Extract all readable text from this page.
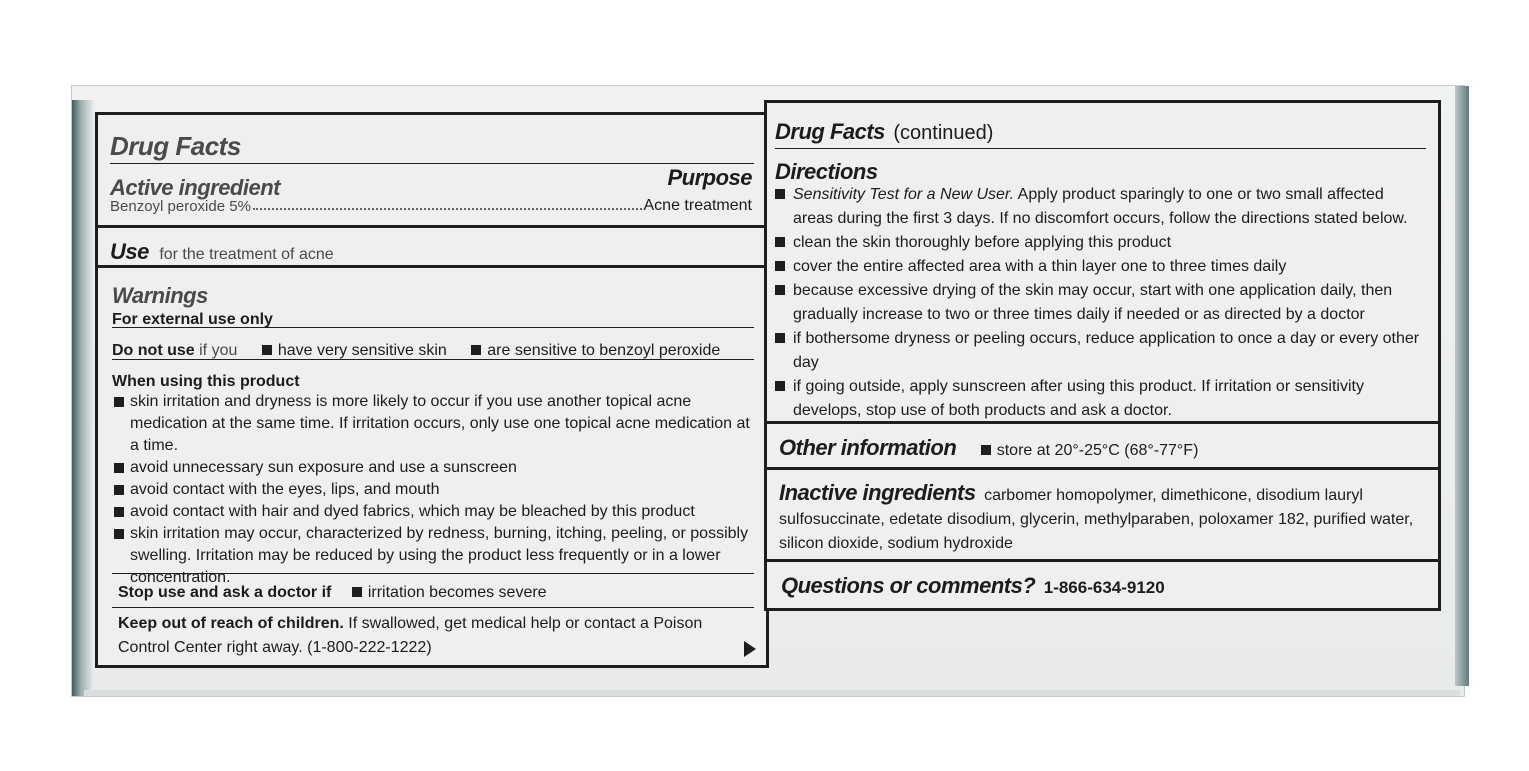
Drug Facts
Active ingredient	Purpose
Benzoyl peroxide 5%	Acne treatment
Use for the treatment of acne
Warnings
For external use only
Do not use if you	have very sensitive skin	are sensitive to benzoyl peroxide
When using this product
skin irritation and dryness is more likely to occur if you use another topical acne medication at the same time. If irritation occurs, only use one topical acne medication at a time.
avoid unnecessary sun exposure and use a sunscreen
avoid contact with the eyes, lips, and mouth
avoid contact with hair and dyed fabrics, which may be bleached by this product
skin irritation may occur, characterized by redness, burning, itching, peeling, or possibly swelling. Irritation may be reduced by using the product less frequently or in a lower concentration.
Stop use and ask a doctor if irritation becomes severe
Keep out of reach of children. If swallowed, get medical help or contact a Poison Control Center right away. (1-800-222-1222)
Drug Facts (continued)
Directions
Sensitivity Test for a New User. Apply product sparingly to one or two small affected areas during the first 3 days. If no discomfort occurs, follow the directions stated below.
clean the skin thoroughly before applying this product
cover the entire affected area with a thin layer one to three times daily
because excessive drying of the skin may occur, start with one application daily, then gradually increase to two or three times daily if needed or as directed by a doctor
if bothersome dryness or peeling occurs, reduce application to once a day or every other day
if going outside, apply sunscreen after using this product. If irritation or sensitivity develops, stop use of both products and ask a doctor.
Other information	store at 20°-25°C (68°-77°F)
Inactive ingredients carbomer homopolymer, dimethicone, disodium lauryl sulfosuccinate, edetate disodium, glycerin, methylparaben, poloxamer 182, purified water, silicon dioxide, sodium hydroxide
Questions or comments? 1-866-634-9120
